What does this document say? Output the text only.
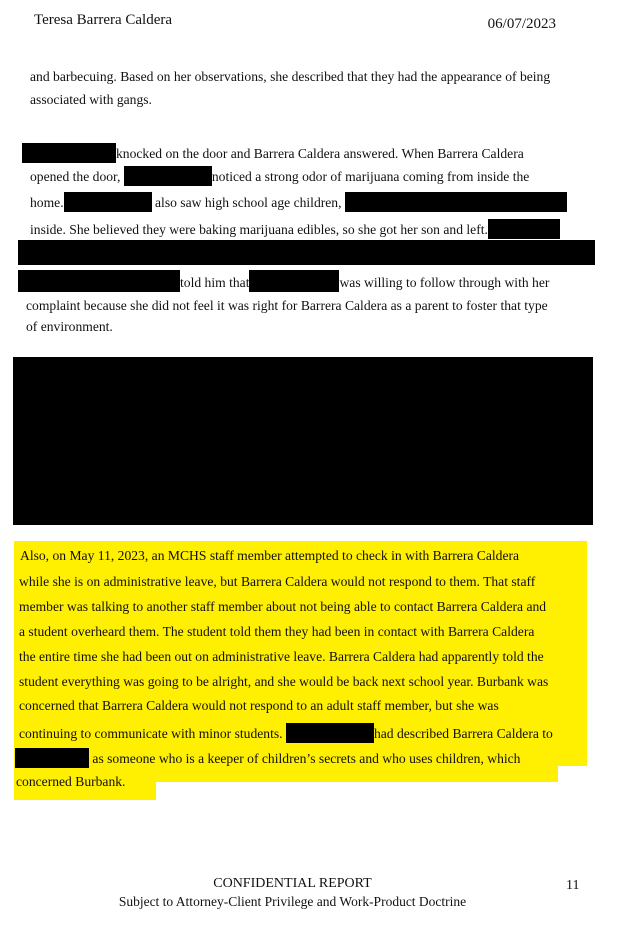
Teresa Barrera Caldera	06/07/2023
and barbecuing. Based on her observations, she described that they had the appearance of being
associated with gangs.
knocked on the door and Barrera Caldera answered. When Barrera Caldera
opened the door,	noticed a strong odor of marijuana coming from inside the
home.	also saw high school age children,
inside. She believed they were baking marijuana edibles, so she got her son and left.
told him that	was willing to follow through with her
complaint because she did not feel it was right for Barrera Caldera as a parent to foster that type
of environment.
Also, on May 11, 2023, an MCHS staff member attempted to check in with Barrera Caldera
while she is on administrative leave, but Barrera Caldera would not respond to them. That staff
member was talking to another staff member about not being able to contact Barrera Caldera and
a student overheard them. The student told them they had been in contact with Barrera Caldera
the entire time she had been out on administrative leave. Barrera Caldera had apparently told the
student everything was going to be alright, and she would be back next school year. Burbank was
concerned that Barrera Caldera would not respond to an adult staff member, but she was
continuing to communicate with minor students.	had described Barrera Caldera to
as someone who is a keeper of children’s secrets and who uses children, which
concerned Burbank.
CONFIDENTIAL REPORT
Subject to Attorney-Client Privilege and Work-Product Doctrine
11
